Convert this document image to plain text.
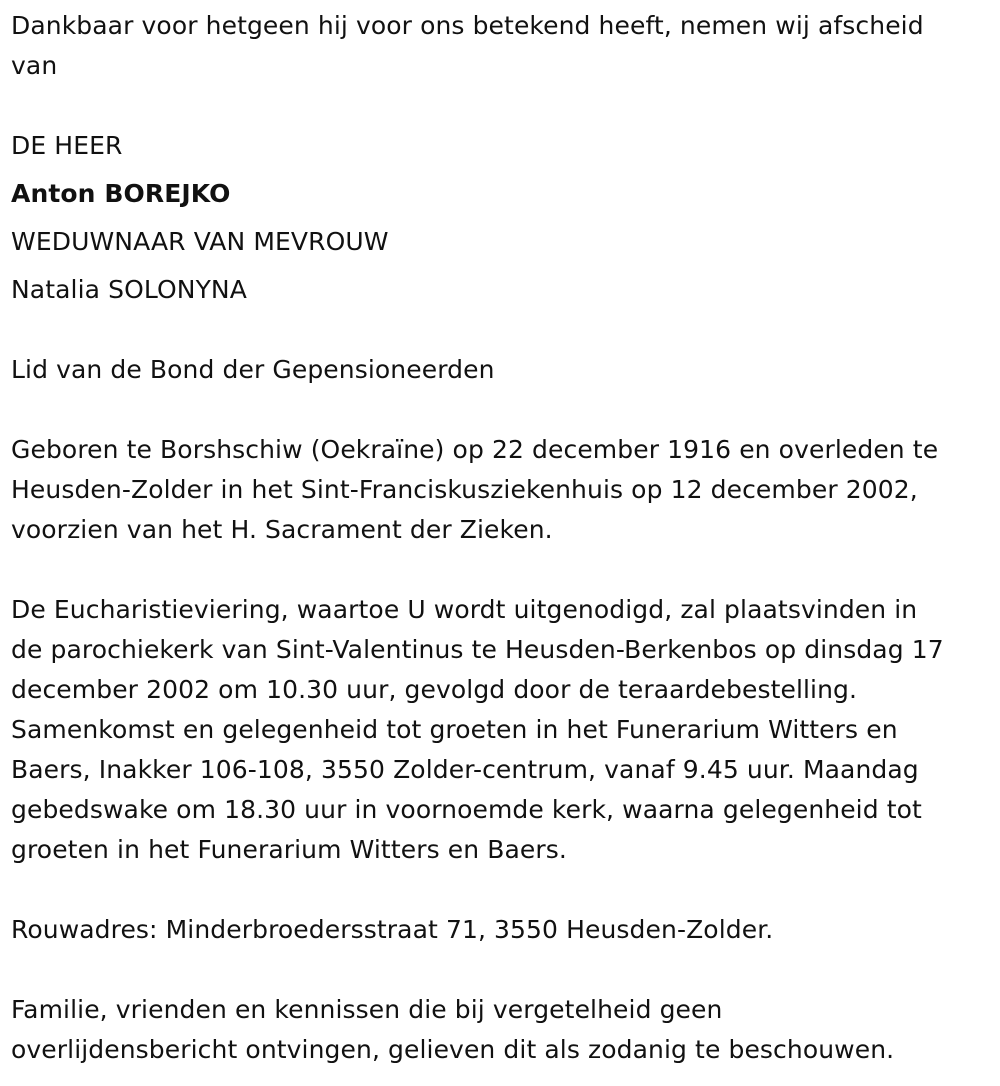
Dankbaar voor hetgeen hij voor ons betekend heeft, nemen wij afscheid

van

DE HEER

Anton BOREJKO

WEDUWNAAR VAN MEVROUW

Natalia SOLONYNA

Lid van de Bond der Gepensioneerden

Geboren te Borshschiw (Oekraïne) op 22 december 1916 en overleden te

Heusden-Zolder in het Sint-Franciskusziekenhuis op 12 december 2002,

voorzien van het H. Sacrament der Zieken.

De Eucharistieviering, waartoe U wordt uitgenodigd, zal plaatsvinden in

de parochiekerk van Sint-Valentinus te Heusden-Berkenbos op dinsdag 17

december 2002 om 10.30 uur, gevolgd door de teraardebestelling.

Samenkomst en gelegenheid tot groeten in het Funerarium Witters en

Baers, Inakker 106-108, 3550 Zolder-centrum, vanaf 9.45 uur. Maandag

gebedswake om 18.30 uur in voornoemde kerk, waarna gelegenheid tot

groeten in het Funerarium Witters en Baers.

Rouwadres: Minderbroedersstraat 71, 3550 Heusden-Zolder.

Familie, vrienden en kennissen die bij vergetelheid geen

overlijdensbericht ontvingen, gelieven dit als zodanig te beschouwen.
